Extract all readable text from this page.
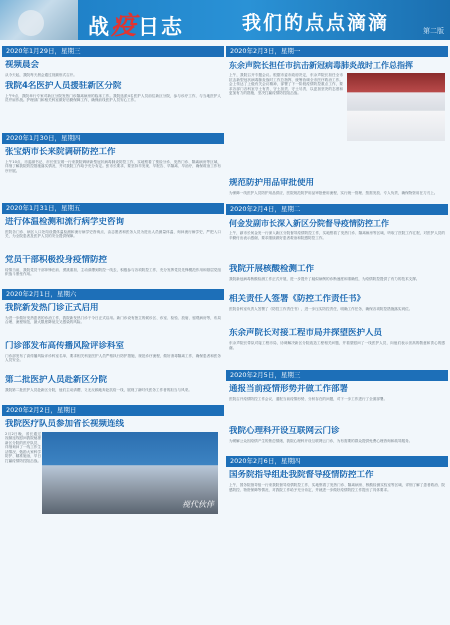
战疫日志	我们的点点滴滴	第二版
2020年1月29日，星期三
视频晨会
从今天起，我院每天晨会通过视频形式召开。
我院4名医护人员援驻新区分院
上午9点，我院举行专家对新区分院发热门诊隔离病房的临床工作。我院选派4名医护人员前往新区分院，参与诊疗工作，与当地医护人员并肩作战。护理部门和相关科室做好后勤保障工作，确保前线医护人员安心工作。
2020年1月30日，星期四
张宝炳市长来院调研防控工作
上午10点，市委副书记、市长张宝炳一行来我院调研新型冠状病毒肺炎防控工作，实地察看了预检分诊、发热门诊、隔离病房等区域，详细了解我院防控措施落实情况，并对我院工作给予充分肯定。张市长要求，要坚持早发现、早报告、早隔离、早治疗，确保救治工作有序开展。
2020年1月31日，星期五
进行体温检测和流行病学史咨询
医院各门诊、病区入口处均设置体温检测和流行病学史咨询点，由志愿者和医务人员为进出人员测量体温、询问流行病学史，严把入口关，为全院患者及医护人员的安全提供保障。
党员干部积极投身疫情防控
疫情当前，我院党员干部冲锋在前、勇挑重担，主动请缨到防控一线去，积极参与各项防控工作，充分发挥党员先锋模范作用和基层党组织战斗堡垒作用。
2020年2月1日，星期六
我院新发热门诊正式启用
为进一步做好发热患者的诊治工作，我院新发热门诊于今日正式启用。新门诊设有独立的候诊区、诊室、检验、放射、留观病房等，布局合理、流程规范，最大限度降低交叉感染的风险。
门诊部发布高传播风险评诊科室
门诊部发布了高传播风险评诊科室名单，要求相关科室医护人员严格执行防护措施，规范诊疗流程，做好消毒隔离工作，确保患者和医务人员安全。
第二批医护人员赴新区分院
我院第二批医护人员赴新区分院，他们主动请缨，义无反顾地奔赴抗疫一线，展现了新时代医务工作者的担当与风采。
2020年2月2日，星期日
我院医疗队员参加省长视频连线
2月2日晚，省长通过视频连线慰问我院驰援新区分院的医疗队员，详细询问了一线工作生活情况，勉励大家科学防护、精准施治，早日打赢疫情防控阻击战。
视代伙伴
2020年2月3日，星期一
东余声院长担任市抗击新冠病毒肺炎战时工作总指挥
上午，我院召开专题会议。根据市委市政府决定，东余声院长担任全市抗击新型冠状病毒肺炎战时工作总指挥，统筹协调全市医疗救治工作。会上传达了上级有关会议精神，部署了下一阶段疫情防控重点工作，要求各部门各科室守土有责、守土担责、守土尽责，以更加坚决的态度和更加有力的措施，坚决打赢疫情防控阻击战。
规范防护用品审批使用
为保障一线医护人员防护用品供应，医院规范防护用品审批使用流程，实行统一管理、按需发放、专人负责，确保物资用在刀刃上。
2020年2月4日，星期二
何金发副市长深入新区分院督导疫情防控工作
上午，副市长何金发一行深入新区分院督导疫情防控工作，实地察看了发热门诊、隔离病房等区域，听取了医院工作汇报，对医护人员的辛勤付出表示感谢，要求继续做好患者救治和院感防控工作。
我院开展核酸检测工作
我院新冠病毒核酸检测工作正式开展，进一步提升了疑似病例的诊断速度和准确性，为疫情防控提供了有力的技术支撑。
相关责任人签署《防控工作责任书》
医院各科室负责人签署了《防控工作责任书》，进一步压实防控责任，明确工作任务，确保各项防控措施落实到位。
东余声院长对接工程市局并探望医护人员
东余声院长带队对接工程市局，协调解决新区分院改造工程相关问题，并看望慰问了一线医护人员，向他们表示崇高的敬意和衷心的感谢。
2020年2月5日，星期三
通报当前疫情形势并做工作部署
医院召开疫情防控工作会议，通报当前疫情形势，分析存在的问题，对下一步工作进行了全面部署。
我院心理科开设互联网云门诊
为缓解公众因疫情产生的焦虑情绪，我院心理科开设互联网云门诊，为有需要的群众提供免费心理咨询和疏导服务。
2020年2月6日，星期四
国务院指导组赴我院督导疫情防控工作
上午，国务院指导组一行来我院督导疫情防控工作，实地察看了发热门诊、隔离病房、核酸检测实验室等区域，详细了解了患者救治、院感防控、物资保障等情况，对我院工作给予充分肯定，并就进一步做好疫情防控工作提出了具体要求。
